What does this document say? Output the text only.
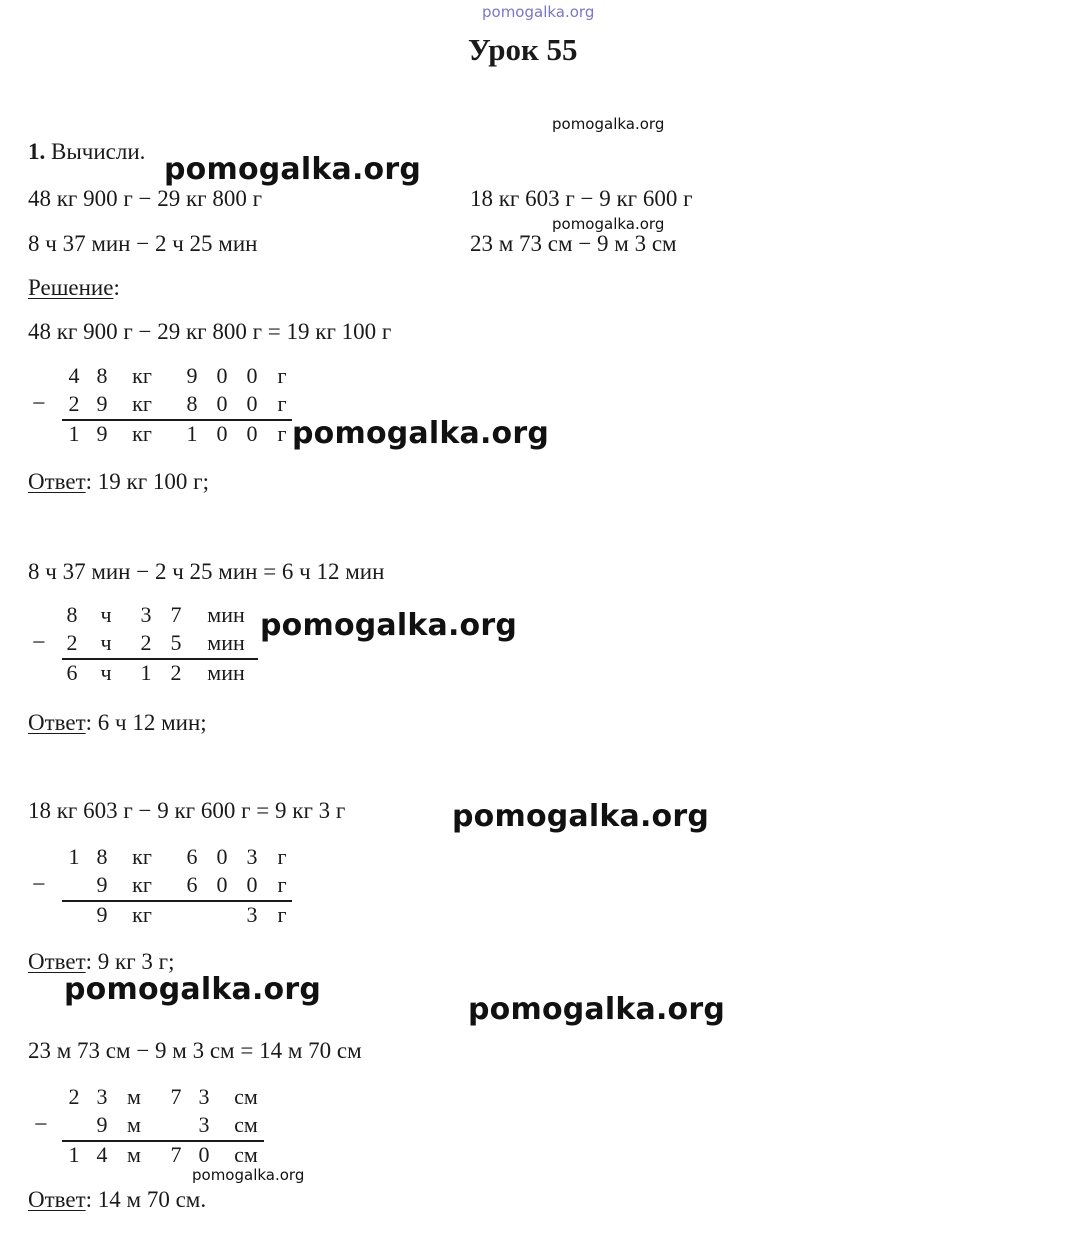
pomogalka.org
Урок 55
pomogalka.org
pomogalka.org
pomogalka.org
1. Вычисли.
48 кг 900 г − 29 кг 800 г	18 кг 603 г − 9 кг 600 г
8 ч 37 мин − 2 ч 25 мин	23 м 73 см − 9 м 3 см
Решение:
48 кг 900 г − 29 кг 800 г = 19 кг 100 г
4 8 кг 9 0 0 г
2 9 кг 8 0 0 г
1 9 кг 1 0 0 г
−
Ответ: 19 кг 100 г;
8 ч 37 мин − 2 ч 25 мин = 6 ч 12 мин
8 ч 3 7 мин
2 ч 2 5 мин
6 ч 1 2 мин
−
Ответ: 6 ч 12 мин;
18 кг 603 г − 9 кг 600 г = 9 кг 3 г
1 8 кг 6 0 3 г
9 кг 6 0 0 г
9 кг	3 г
−
Ответ: 9 кг 3 г;
23 м 73 см − 9 м 3 см = 14 м 70 см
2 3 м 7 3	см
9 м	3	см
1 4 м 7 0	см
−
Ответ: 14 м 70 см.
pomogalka.org
pomogalka.org
pomogalka.org
pomogalka.org
pomogalka.org
pomogalka.org
